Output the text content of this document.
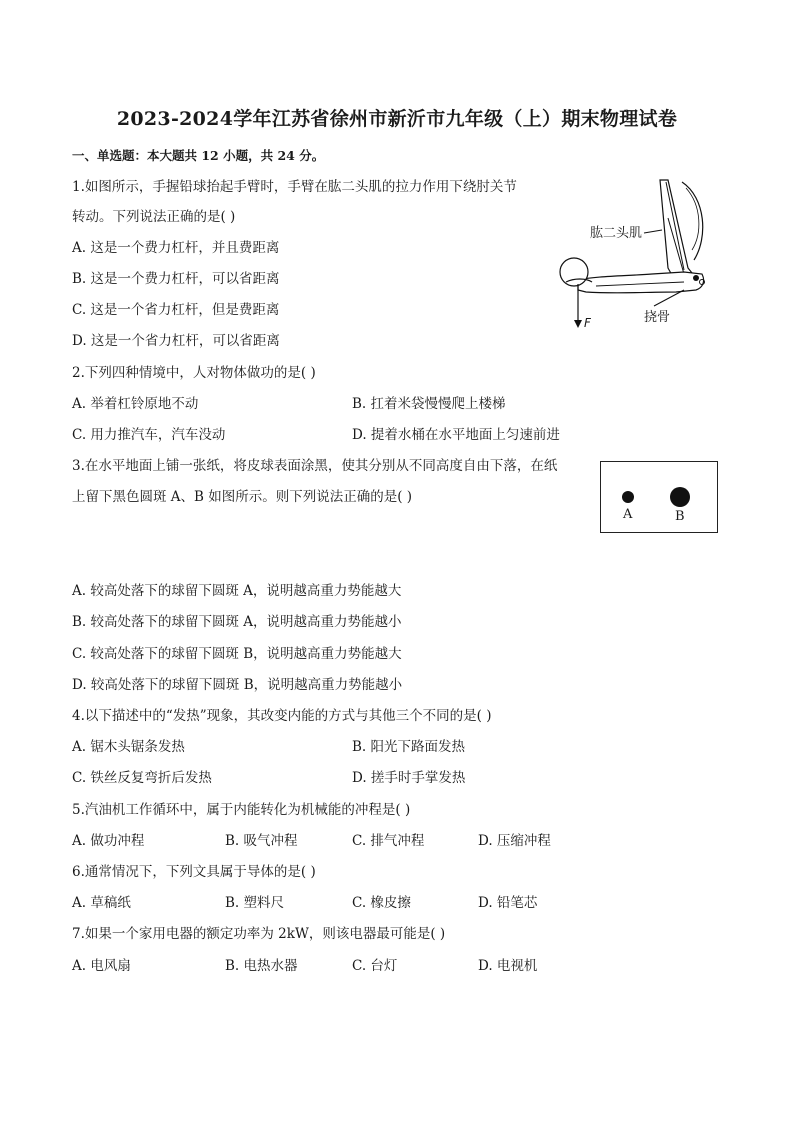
2023-2024学年江苏省徐州市新沂市九年级（上）期末物理试卷
一、单选题：本大题共 12 小题，共 24 分。
1.如图所示，手握铅球抬起手臂时，手臂在肱二头肌的拉力作用下绕肘关节
转动。下列说法正确的是( )
A. 这是一个费力杠杆，并且费距离
B. 这是一个费力杠杆，可以省距离
C. 这是一个省力杠杆，但是费距离
D. 这是一个省力杠杆，可以省距离
肱二头肌
挠骨
F
2.下列四种情境中，人对物体做功的是( )
A. 举着杠铃原地不动	B. 扛着米袋慢慢爬上楼梯
C. 用力推汽车，汽车没动	D. 提着水桶在水平地面上匀速前进
3.在水平地面上铺一张纸，将皮球表面涂黑，使其分别从不同高度自由下落，在纸
上留下黑色圆斑 A、B 如图所示。则下列说法正确的是( )
A	B
A. 较高处落下的球留下圆斑 A，说明越高重力势能越大
B. 较高处落下的球留下圆斑 A，说明越高重力势能越小
C. 较高处落下的球留下圆斑 B，说明越高重力势能越大
D. 较高处落下的球留下圆斑 B，说明越高重力势能越小
4.以下描述中的“发热”现象，其改变内能的方式与其他三个不同的是( )
A. 锯木头锯条发热	B. 阳光下路面发热
C. 铁丝反复弯折后发热	D. 搓手时手掌发热
5.汽油机工作循环中，属于内能转化为机械能的冲程是( )
A. 做功冲程	B. 吸气冲程	C. 排气冲程	D. 压缩冲程
6.通常情况下，下列文具属于导体的是( )
A. 草稿纸	B. 塑料尺	C. 橡皮擦	D. 铅笔芯
7.如果一个家用电器的额定功率为 2kW，则该电器最可能是( )
A. 电风扇	B. 电热水器	C. 台灯	D. 电视机
